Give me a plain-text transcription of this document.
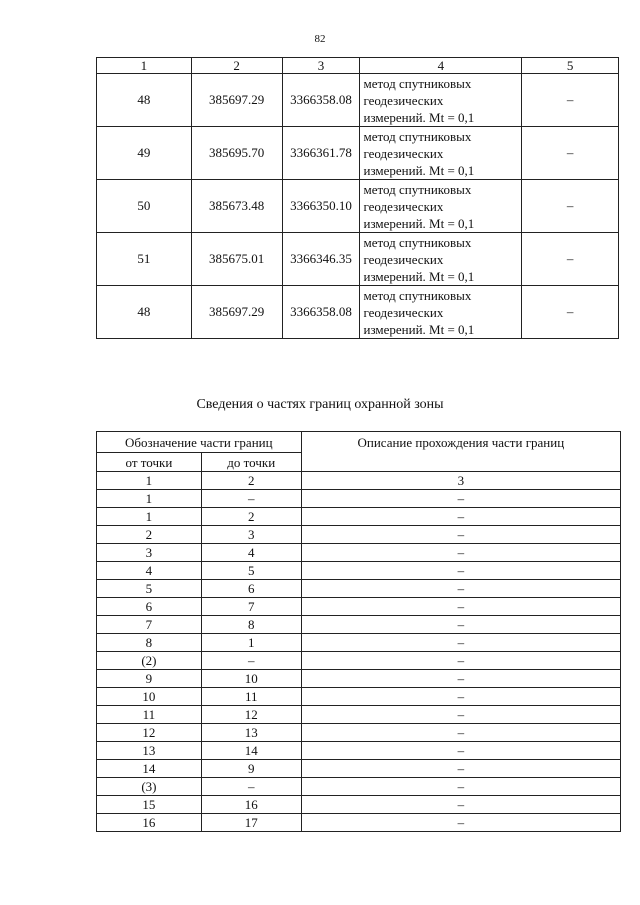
82
1	2	3	4	5
48	385697.29	3366358.08	метод спутниковых
геодезических
измерений. Mt = 0,1	–
49	385695.70	3366361.78	метод спутниковых
геодезических
измерений. Mt = 0,1	–
50	385673.48	3366350.10	метод спутниковых
геодезических
измерений. Mt = 0,1	–
51	385675.01	3366346.35	метод спутниковых
геодезических
измерений. Mt = 0,1	–
48	385697.29	3366358.08	метод спутниковых
геодезических
измерений. Mt = 0,1	–
Сведения о частях границ охранной зоны
Обозначение части границ		Описание прохождения части границ
от точки	до точки	
1	2	3
1	–	–
1	2	–
2	3	–
3	4	–
4	5	–
5	6	–
6	7	–
7	8	–
8	1	–
(2)	–	–
9	10	–
10	11	–
11	12	–
12	13	–
13	14	–
14	9	–
(3)	–	–
15	16	–
16	17	–
